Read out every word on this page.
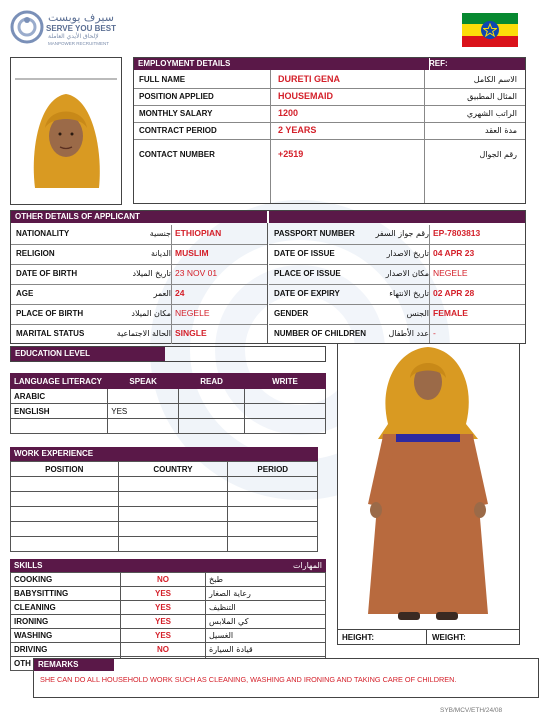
سيرف يوبست
SERVE YOU BEST
لإلحاق الأيدي العاملة
MANPOWER RECRUITMENT
EMPLOYMENT DETAILS	REF:
FULL NAME	DURETI GENA	الاسم الكامل
POSITION APPLIED	HOUSEMAID	المثال المطبيق
MONTHLY SALARY	1200	الراتب الشهري
CONTRACT PERIOD	2 YEARS	مدة العقد
CONTACT NUMBER	+2519	رقم الجوال
OTHER DETAILS OF APPLICANT
NATIONALITY	جنسية ETHIOPIAN
RELIGION	الديانة MUSLIM
DATE OF BIRTH	تاريخ الميلاد 23 NOV 01
AGE	العمر 24
PLACE OF BIRTH	مكان الميلاد NEGELE
MARITAL STATUS	الحالة الاجتماعية SINGLE
PASSPORT NUMBER	رقم جواز السفر EP-7803813
DATE OF ISSUE	تاريخ الاصدار 04 APR 23
PLACE OF ISSUE	مكان الاصدار NEGELE
DATE OF EXPIRY	تاريخ الانتهاء 02 APR 28
GENDER	الجنس FEMALE
NUMBER OF CHILDREN	عدد الأطفال -
EDUCATION LEVEL
LANGUAGE LITERACY	SPEAK	READ	WRITE
ARABIC			
ENGLISH	YES		

WORK EXPERIENCE
POSITION	COUNTRY	PERIOD

SKILLS	المهارات
COOKING	NO	طبخ
BABYSITTING	YES	رعاية الصغار
CLEANING	YES	التنظيف
IRONING	YES	كي الملابس
WASHING	YES	الغسيل
DRIVING	NO	قيادة السيارة
OTH		
HEIGHT:	WEIGHT:
REMARKS
SHE CAN DO ALL HOUSEHOLD WORK SUCH AS CLEANING, WASHING AND IRONING AND TAKING CARE OF CHILDREN.
SYB/MCV/ETH/24/08
